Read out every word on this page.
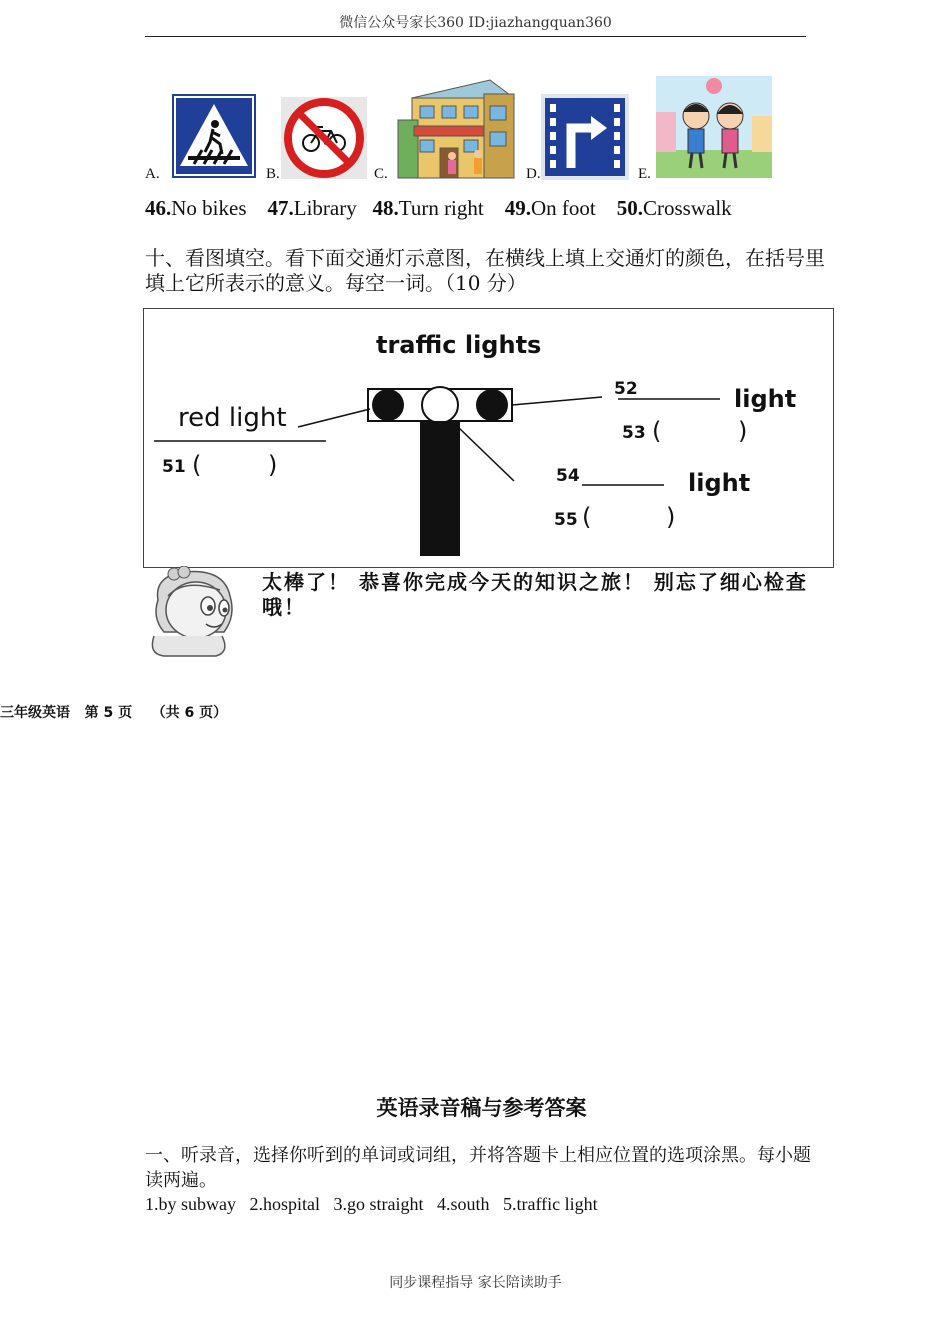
微信公众号家长360 ID:jiazhangquan360
A.	B.	C.	D.	E.
46.No bikes 47.Library 48.Turn right 49.On foot 50.Crosswalk
十、看图填空。看下面交通灯示意图，在横线上填上交通灯的颜色，在括号里填上它所表示的意义。每空一词。（10 分）
traffic lights
red light
51 (	)
52	light
53 (	)
54	light
55 (	)
太棒了！ 恭喜你完成今天的知识之旅！ 别忘了细心检查哦！
三年级英语   第 5 页    （共 6 页）
英语录音稿与参考答案
一、听录音，选择你听到的单词或词组，并将答题卡上相应位置的选项涂黑。每小题读两遍。
1.by subway   2.hospital   3.go straight   4.south   5.traffic light
同步课程指导 家长陪读助手
